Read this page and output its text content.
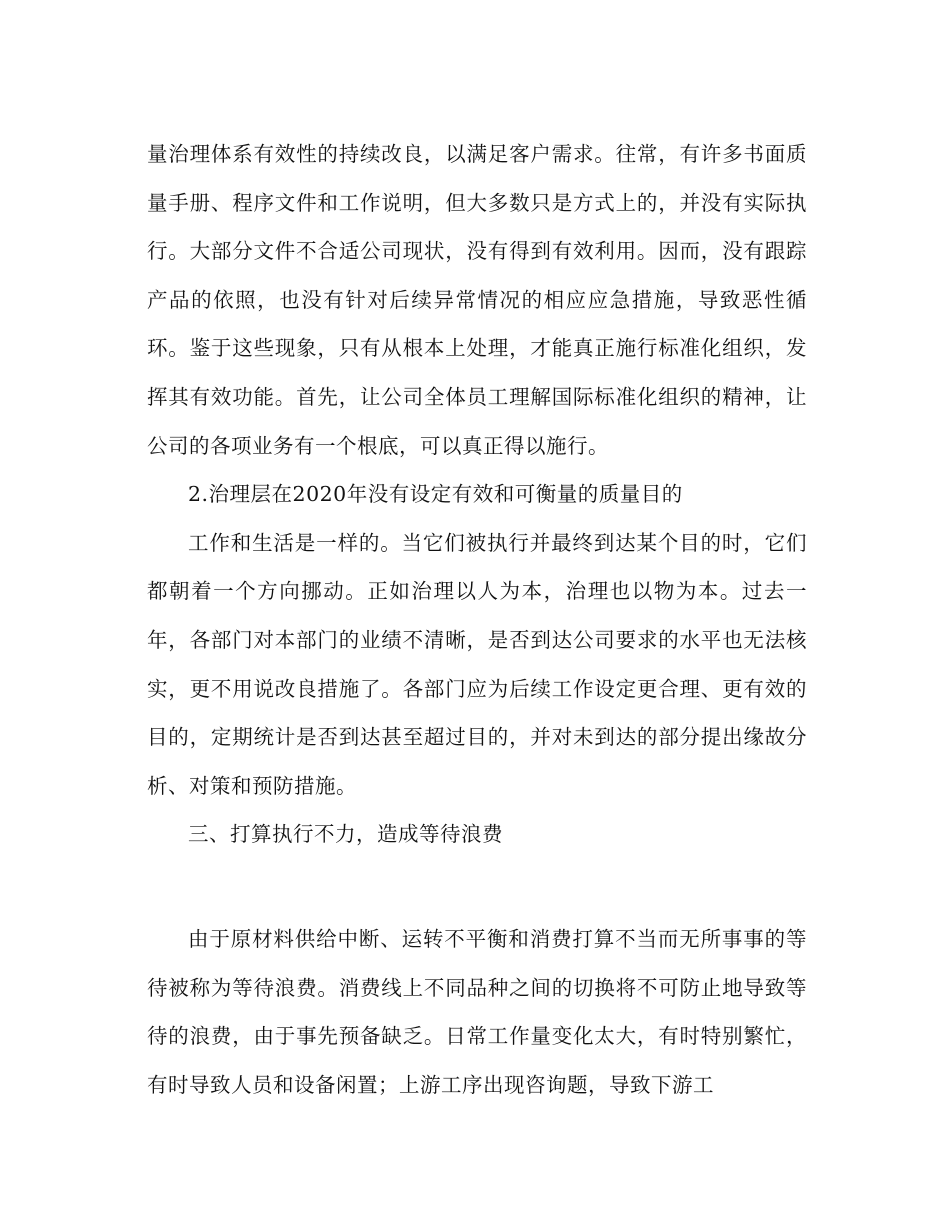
量治理体系有效性的持续改良，以满足客户需求。往常，有许多书面质量手册、程序文件和工作说明，但大多数只是方式上的，并没有实际执行。大部分文件不合适公司现状，没有得到有效利用。因而，没有跟踪产品的依照，也没有针对后续异常情况的相应应急措施，导致恶性循环。鉴于这些现象，只有从根本上处理，才能真正施行标准化组织，发挥其有效功能。首先，让公司全体员工理解国际标准化组织的精神，让公司的各项业务有一个根底，可以真正得以施行。

2.治理层在2020年没有设定有效和可衡量的质量目的

工作和生活是一样的。当它们被执行并最终到达某个目的时，它们都朝着一个方向挪动。正如治理以人为本，治理也以物为本。过去一年，各部门对本部门的业绩不清晰，是否到达公司要求的水平也无法核实，更不用说改良措施了。各部门应为后续工作设定更合理、更有效的目的，定期统计是否到达甚至超过目的，并对未到达的部分提出缘故分析、对策和预防措施。

三、打算执行不力，造成等待浪费

由于原材料供给中断、运转不平衡和消费打算不当而无所事事的等待被称为等待浪费。消费线上不同品种之间的切换将不可防止地导致等待的浪费，由于事先预备缺乏。日常工作量变化太大，有时特别繁忙，有时导致人员和设备闲置；上游工序出现咨询题，导致下游工
